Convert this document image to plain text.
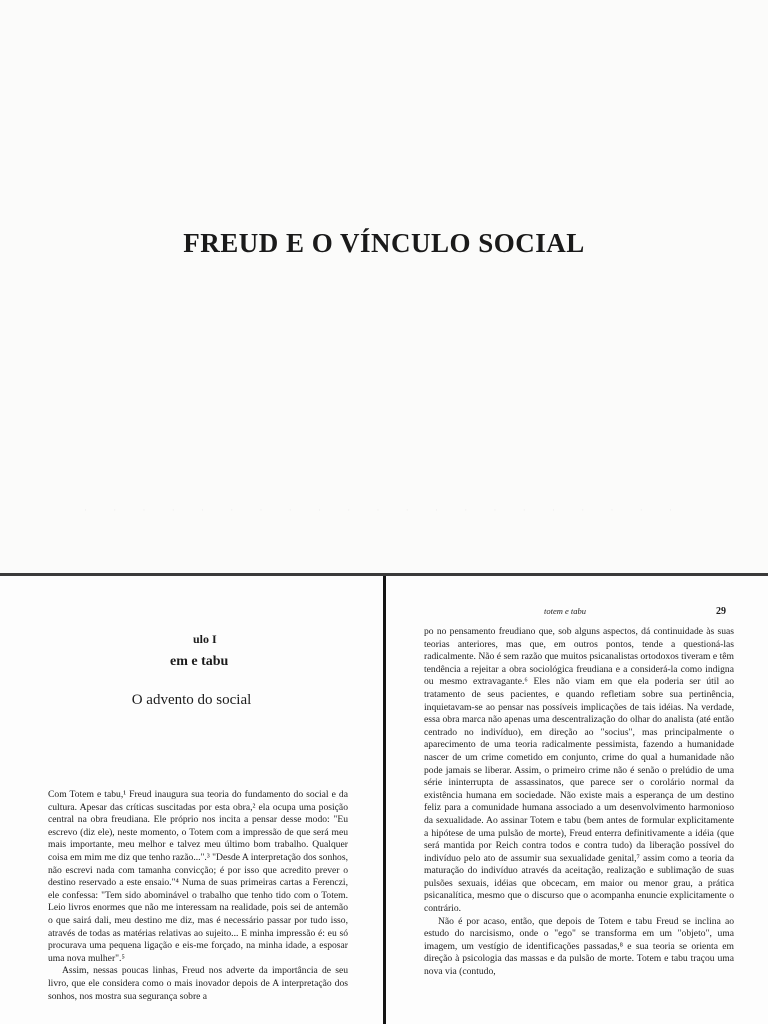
FREUD E O VÍNCULO SOCIAL
· · · · · · · · · · · · · · · · · · · · ·
ulo I
em e tabu
O advento do social

Com Totem e tabu,¹ Freud inaugura sua teoria do fundamento do social e da cultura. Apesar das críticas suscitadas por esta obra,² ela ocupa uma posição central na obra freudiana. Ele próprio nos incita a pensar desse modo: "Eu escrevo (diz ele), neste momento, o Totem com a impressão de que será meu mais importante, meu melhor e talvez meu último bom trabalho. Qualquer coisa em mim me diz que tenho razão...".³ "Desde A interpretação dos sonhos, não escrevi nada com tamanha convicção; é por isso que acredito prever o destino reservado a este ensaio."⁴ Numa de suas primeiras cartas a Ferenczi, ele confessa: "Tem sido abominável o trabalho que tenho tido com o Totem. Leio livros enormes que não me interessam na realidade, pois sei de antemão o que sairá dali, meu destino me diz, mas é necessário passar por tudo isso, através de todas as matérias relativas ao sujeito... E minha impressão é: eu só procurava uma pequena ligação e eis-me forçado, na minha idade, a esposar uma nova mulher".⁵

Assim, nessas poucas linhas, Freud nos adverte da importância de seu livro, que ele considera como o mais inovador depois de A interpretação dos sonhos, nos mostra sua segurança sobre a

totem e tabu	29

po no pensamento freudiano que, sob alguns aspectos, dá continuidade às suas teorias anteriores, mas que, em outros pontos, tende a questioná-las radicalmente. Não é sem razão que muitos psicanalistas ortodoxos tiveram e têm tendência a rejeitar a obra sociológica freudiana e a considerá-la como indigna ou mesmo extravagante.⁶ Eles não viam em que ela poderia ser útil ao tratamento de seus pacientes, e quando refletiam sobre sua pertinência, inquietavam-se ao pensar nas possíveis implicações de tais idéias. Na verdade, essa obra marca não apenas uma descentralização do olhar do analista (até então centrado no indivíduo), em direção ao "socius", mas principalmente o aparecimento de uma teoria radicalmente pessimista, fazendo a humanidade nascer de um crime cometido em conjunto, crime do qual a humanidade não pode jamais se liberar. Assim, o primeiro crime não é senão o prelúdio de uma série ininterrupta de assassinatos, que parece ser o corolário normal da existência humana em sociedade. Não existe mais a esperança de um destino feliz para a comunidade humana associado a um desenvolvimento harmonioso da sexualidade. Ao assinar Totem e tabu (bem antes de formular explicitamente a hipótese de uma pulsão de morte), Freud enterra definitivamente a idéia (que será mantida por Reich contra todos e contra tudo) da liberação possível do indivíduo pelo ato de assumir sua sexualidade genital,⁷ assim como a teoria da maturação do indivíduo através da aceitação, realização e sublimação de suas pulsões sexuais, idéias que obcecam, em maior ou menor grau, a prática psicanalítica, mesmo que o discurso que o acompanha enuncie explicitamente o contrário.

Não é por acaso, então, que depois de Totem e tabu Freud se inclina ao estudo do narcisismo, onde o "ego" se transforma em um "objeto", uma imagem, um vestígio de identificações passadas,⁸ e sua teoria se orienta em direção à psicologia das massas e da pulsão de morte. Totem e tabu traçou uma nova via (contudo,
